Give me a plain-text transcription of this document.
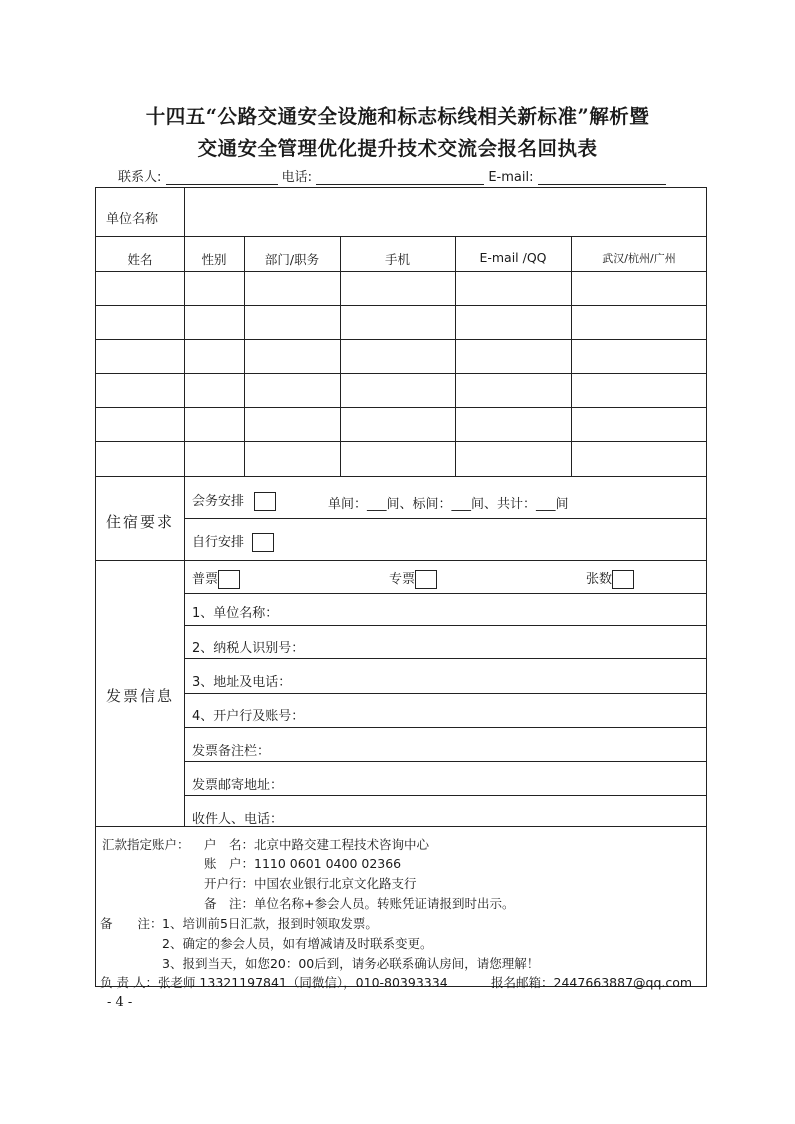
十四五“公路交通安全设施和标志标线相关新标准”解析暨
交通安全管理优化提升技术交流会报名回执表
联系人:	电话:	E-mail:
单位名称
姓名	性别	部门/职务	手机	E-mail /QQ	武汉/杭州/广州
住宿要求
会务安排	单间：___间、标间：___间、共计：___间
自行安排
普票	专票	张数
发票信息
1、单位名称：
2、纳税人识别号：
3、地址及电话：
4、开户行及账号：
发票备注栏：
发票邮寄地址：
收件人、电话：
汇款指定账户： 户　名：北京中路交建工程技术咨询中心
账　户：1110 0601 0400 02366
开户行：中国农业银行北京文化路支行
备　注：单位名称+参会人员。转账凭证请报到时出示。
备　　注： 1、培训前5日汇款，报到时领取发票。
2、确定的参会人员，如有增减请及时联系变更。
3、报到当天，如您20：00后到，请务必联系确认房间，请您理解！
负 责 人：张老师 13321197841（同微信），010-80393334	报名邮箱：2447663887@qq.com
- 4 -
